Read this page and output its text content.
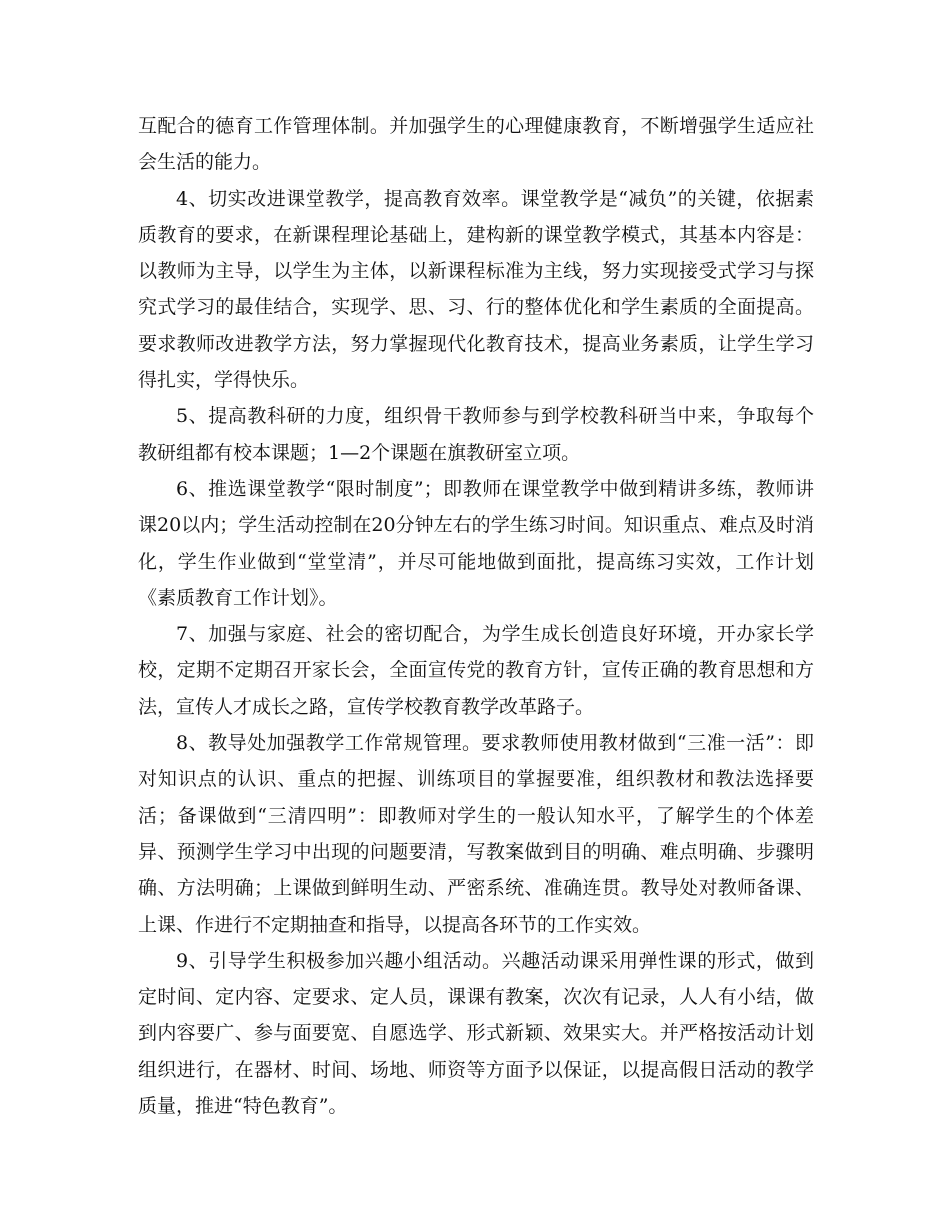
互配合的德育工作管理体制。并加强学生的心理健康教育，不断增强学生适应社会生活的能力。

4、切实改进课堂教学，提高教育效率。课堂教学是“减负”的关键，依据素质教育的要求，在新课程理论基础上，建构新的课堂教学模式，其基本内容是：以教师为主导，以学生为主体，以新课程标准为主线，努力实现接受式学习与探究式学习的最佳结合，实现学、思、习、行的整体优化和学生素质的全面提高。要求教师改进教学方法，努力掌握现代化教育技术，提高业务素质，让学生学习得扎实，学得快乐。

5、提高教科研的力度，组织骨干教师参与到学校教科研当中来，争取每个教研组都有校本课题；1—2个课题在旗教研室立项。

6、推选课堂教学“限时制度”；即教师在课堂教学中做到精讲多练，教师讲课20以内；学生活动控制在20分钟左右的学生练习时间。知识重点、难点及时消化，学生作业做到“堂堂清”，并尽可能地做到面批，提高练习实效，工作计划《素质教育工作计划》。

7、加强与家庭、社会的密切配合，为学生成长创造良好环境，开办家长学校，定期不定期召开家长会，全面宣传党的教育方针，宣传正确的教育思想和方法，宣传人才成长之路，宣传学校教育教学改革路子。

8、教导处加强教学工作常规管理。要求教师使用教材做到“三准一活”：即对知识点的认识、重点的把握、训练项目的掌握要准，组织教材和教法选择要活；备课做到“三清四明”：即教师对学生的一般认知水平，了解学生的个体差异、预测学生学习中出现的问题要清，写教案做到目的明确、难点明确、步骤明确、方法明确；上课做到鲜明生动、严密系统、准确连贯。教导处对教师备课、上课、作进行不定期抽查和指导，以提高各环节的工作实效。

9、引导学生积极参加兴趣小组活动。兴趣活动课采用弹性课的形式，做到定时间、定内容、定要求、定人员，课课有教案，次次有记录，人人有小结，做到内容要广、参与面要宽、自愿选学、形式新颖、效果实大。并严格按活动计划组织进行，在器材、时间、场地、师资等方面予以保证，以提高假日活动的教学质量，推进“特色教育”。
